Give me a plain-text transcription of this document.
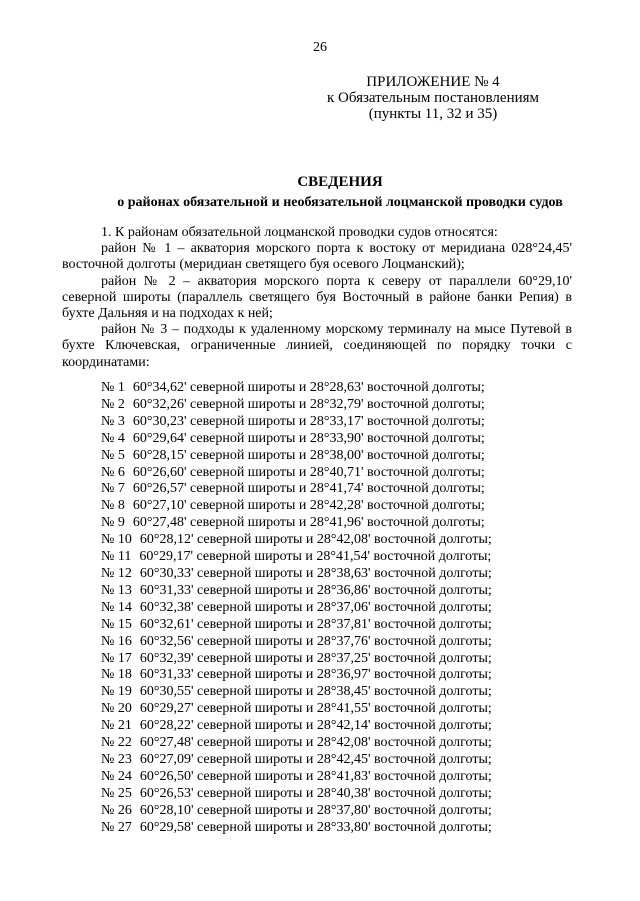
26
ПРИЛОЖЕНИЕ № 4
к Обязательным постановлениям
(пункты 11, 32 и 35)
СВЕДЕНИЯ
о районах обязательной и необязательной лоцманской проводки судов

1. К районам обязательной лоцманской проводки судов относятся:

район № 1 – акватория морского порта к востоку от меридиана 028°24,45' восточной долготы (меридиан светящего буя осевого Лоцманский);

район № 2 – акватория морского порта к северу от параллели 60°29,10' северной широты (параллель светящего буя Восточный в районе банки Репия) в бухте Дальняя и на подходах к ней;

район № 3 – подходы к удаленному морскому терминалу на мысе Путевой в бухте Ключевская, ограниченные линией, соединяющей по порядку точки с координатами:

№ 1 60°34,62' северной широты и 28°28,63' восточной долготы;
№ 2 60°32,26' северной широты и 28°32,79' восточной долготы;
№ 3 60°30,23' северной широты и 28°33,17' восточной долготы;
№ 4 60°29,64' северной широты и 28°33,90' восточной долготы;
№ 5 60°28,15' северной широты и 28°38,00' восточной долготы;
№ 6 60°26,60' северной широты и 28°40,71' восточной долготы;
№ 7 60°26,57' северной широты и 28°41,74' восточной долготы;
№ 8 60°27,10' северной широты и 28°42,28' восточной долготы;
№ 9 60°27,48' северной широты и 28°41,96' восточной долготы;
№ 10 60°28,12' северной широты и 28°42,08' восточной долготы;
№ 11 60°29,17' северной широты и 28°41,54' восточной долготы;
№ 12 60°30,33' северной широты и 28°38,63' восточной долготы;
№ 13 60°31,33' северной широты и 28°36,86' восточной долготы;
№ 14 60°32,38' северной широты и 28°37,06' восточной долготы;
№ 15 60°32,61' северной широты и 28°37,81' восточной долготы;
№ 16 60°32,56' северной широты и 28°37,76' восточной долготы;
№ 17 60°32,39' северной широты и 28°37,25' восточной долготы;
№ 18 60°31,33' северной широты и 28°36,97' восточной долготы;
№ 19 60°30,55' северной широты и 28°38,45' восточной долготы;
№ 20 60°29,27' северной широты и 28°41,55' восточной долготы;
№ 21 60°28,22' северной широты и 28°42,14' восточной долготы;
№ 22 60°27,48' северной широты и 28°42,08' восточной долготы;
№ 23 60°27,09' северной широты и 28°42,45' восточной долготы;
№ 24 60°26,50' северной широты и 28°41,83' восточной долготы;
№ 25 60°26,53' северной широты и 28°40,38' восточной долготы;
№ 26 60°28,10' северной широты и 28°37,80' восточной долготы;
№ 27 60°29,58' северной широты и 28°33,80' восточной долготы;
